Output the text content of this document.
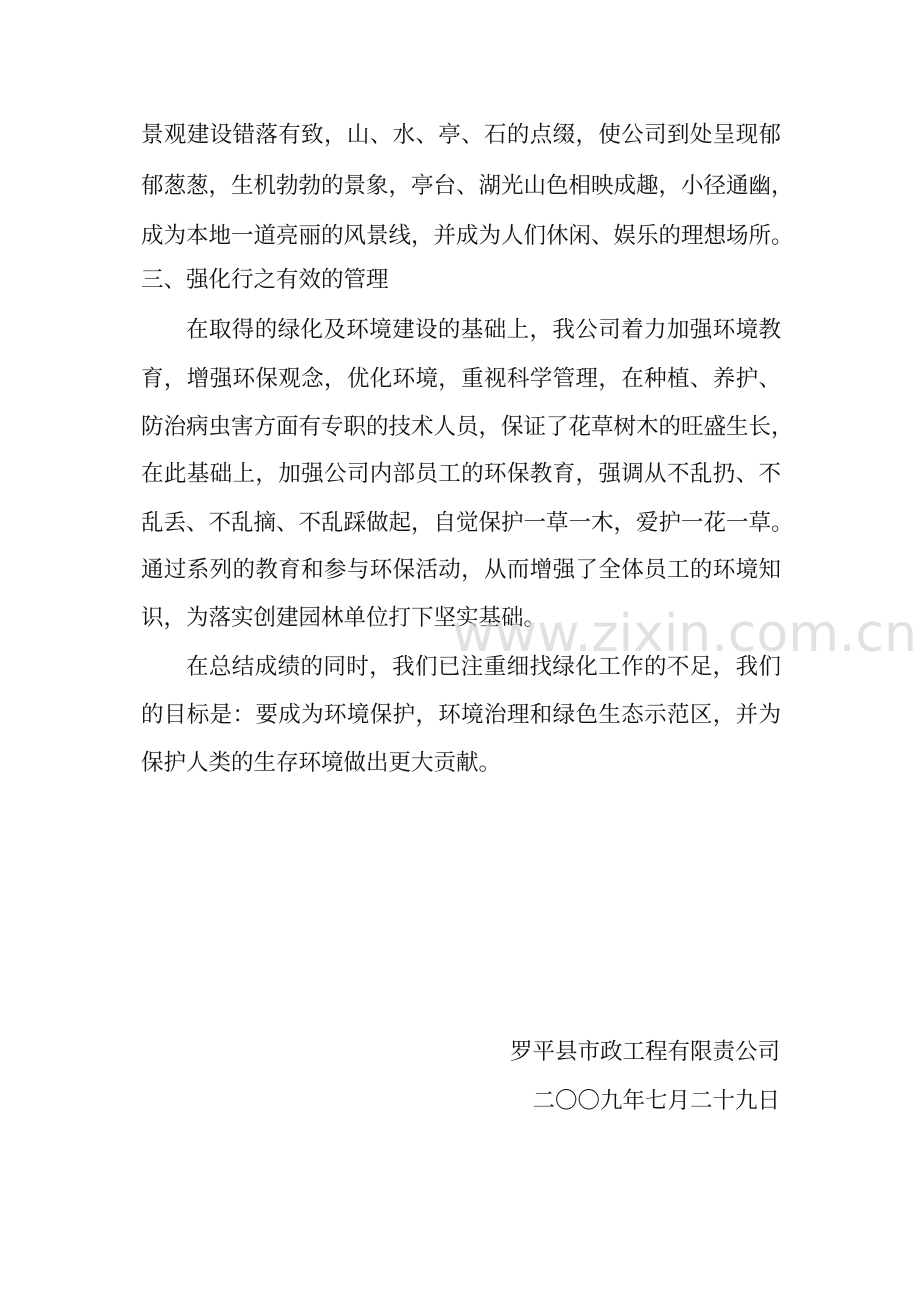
景观建设错落有致，山、水、亭、石的点缀，使公司到处呈现郁
郁葱葱，生机勃勃的景象，亭台、湖光山色相映成趣，小径通幽，
成为本地一道亮丽的风景线，并成为人们休闲、娱乐的理想场所。
三、强化行之有效的管理
在取得的绿化及环境建设的基础上，我公司着力加强环境教
育，增强环保观念，优化环境，重视科学管理，在种植、养护、
防治病虫害方面有专职的技术人员，保证了花草树木的旺盛生长，
在此基础上，加强公司内部员工的环保教育，强调从不乱扔、不
乱丢、不乱摘、不乱踩做起，自觉保护一草一木，爱护一花一草。
通过系列的教育和参与环保活动，从而增强了全体员工的环境知
识，为落实创建园林单位打下坚实基础。
在总结成绩的同时，我们已注重细找绿化工作的不足，我们
的目标是：要成为环境保护，环境治理和绿色生态示范区，并为
保护人类的生存环境做出更大贡献。
罗平县市政工程有限责公司
二〇〇九年七月二十九日
www.zixin.com.cn
